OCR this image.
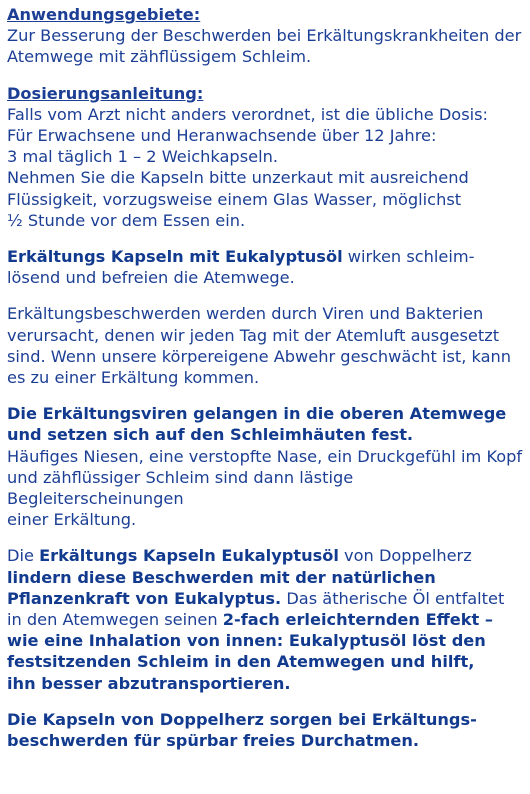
Anwendungsgebiete:

Zur Besserung der Beschwerden bei Erkältungskrankheiten der

Atemwege mit zähflüssigem Schleim.

Dosierungsanleitung:

Falls vom Arzt nicht anders verordnet, ist die übliche Dosis:

Für Erwachsene und Heranwachsende über 12 Jahre:

3 mal täglich 1 – 2 Weichkapseln.

Nehmen Sie die Kapseln bitte unzerkaut mit ausreichend

Flüssigkeit, vorzugsweise einem Glas Wasser, möglichst

½ Stunde vor dem Essen ein.

Erkältungs Kapseln mit Eukalyptusöl wirken schleim-

lösend und befreien die Atemwege.

Erkältungsbeschwerden werden durch Viren und Bakterien

verursacht, denen wir jeden Tag mit der Atemluft ausgesetzt

sind. Wenn unsere körpereigene Abwehr geschwächt ist, kann

es zu einer Erkältung kommen.

Die Erkältungsviren gelangen in die oberen Atemwege

und setzen sich auf den Schleimhäuten fest.

Häufiges Niesen, eine verstopfte Nase, ein Druckgefühl im Kopf

und zähflüssiger Schleim sind dann lästige Begleiterscheinungen

einer Erkältung.

Die Erkältungs Kapseln Eukalyptusöl von Doppelherz

lindern diese Beschwerden mit der natürlichen

Pflanzenkraft von Eukalyptus. Das ätherische Öl entfaltet

in den Atemwegen seinen 2-fach erleichternden Effekt –

wie eine Inhalation von innen: Eukalyptusöl löst den

festsitzenden Schleim in den Atemwegen und hilft,

ihn besser abzutransportieren.

Die Kapseln von Doppelherz sorgen bei Erkältungs-

beschwerden für spürbar freies Durchatmen.
